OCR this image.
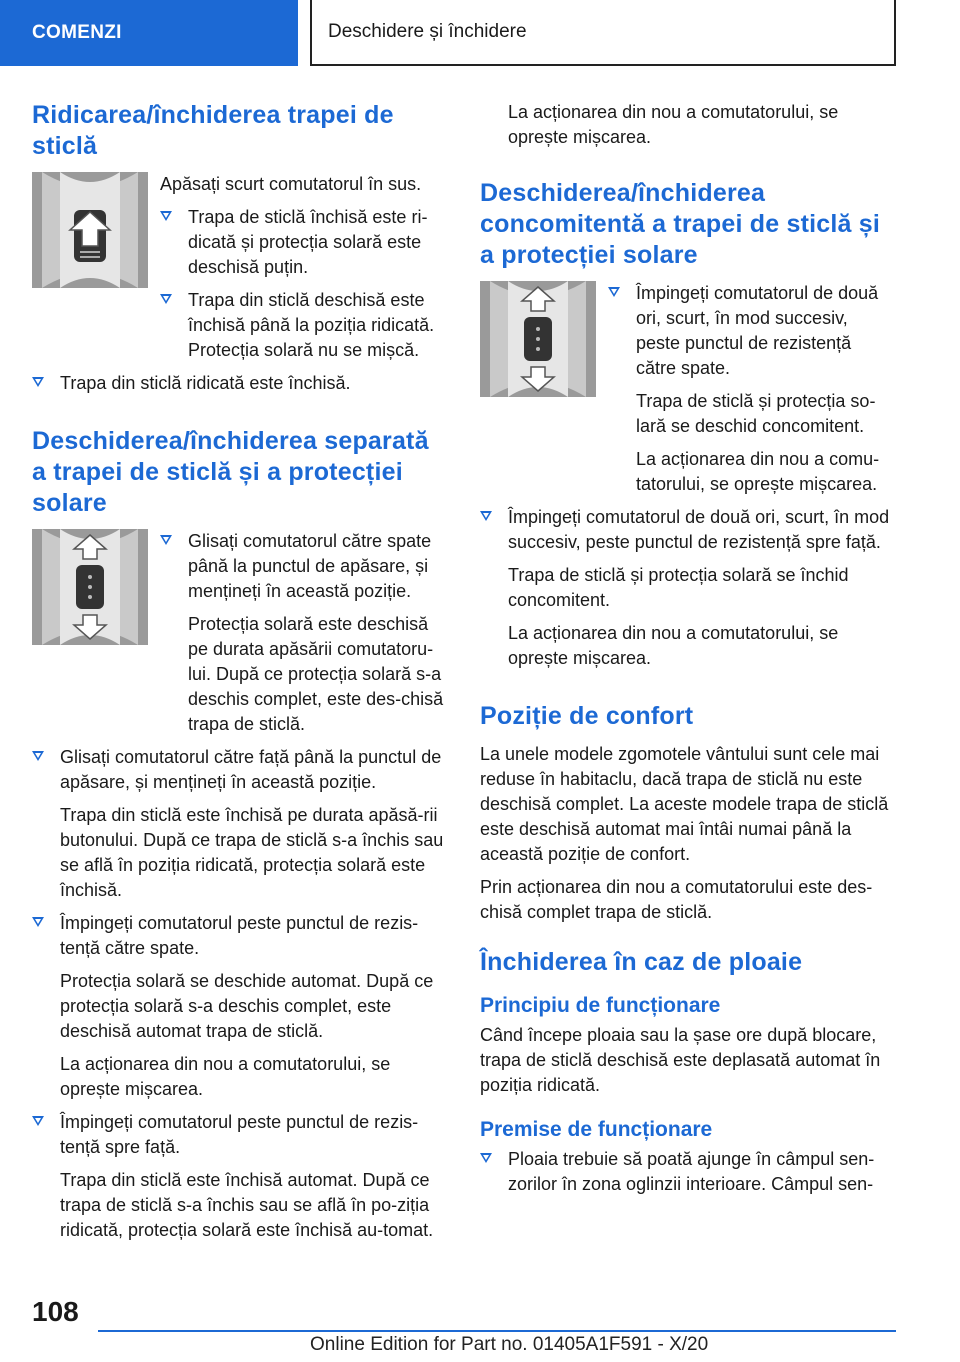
COMENZI	Deschidere și închidere
Ridicarea/închiderea trapei de sticlă

Apăsați scurt comutatorul în sus.

Trapa de sticlă închisă este ri-dicată și protecția solară este deschisă puțin.
Trapa din sticlă deschisă este închisă până la poziția ridicată. Protecția solară nu se mișcă.
Trapa din sticlă ridicată este închisă.
Deschiderea/închiderea separată a trapei de sticlă și a protecției solare
Glisați comutatorul către spate până la punctul de apăsare, și mențineți în această poziție.

Protecția solară este deschisă pe durata apăsării comutatoru-lui. După ce protecția solară s-a deschis complet, este des-chisă trapa de sticlă.

Glisați comutatorul către față până la punctul de apăsare, și mențineți în această poziție.

Trapa din sticlă este închisă pe durata apăsă-rii butonului. După ce trapa de sticlă s-a închis sau se află în poziția ridicată, protecția solară este închisă.

Împingeți comutatorul peste punctul de rezis-tență către spate.

Protecția solară se deschide automat. După ce protecția solară s-a deschis complet, este deschisă automat trapa de sticlă.

La acționarea din nou a comutatorului, se oprește mișcarea.

Împingeți comutatorul peste punctul de rezis-tență spre față.

Trapa din sticlă este închisă automat. După ce trapa de sticlă s-a închis sau se află în po-ziția ridicată, protecția solară este închisă au-tomat.

La acționarea din nou a comutatorului, se oprește mișcarea.

Deschiderea/închiderea concomitentă a trapei de sticlă și a protecției solare
Împingeți comutatorul de două ori, scurt, în mod succesiv, peste punctul de rezistență către spate.

Trapa de sticlă și protecția so-lară se deschid concomitent.

La acționarea din nou a comu-tatorului, se oprește mișcarea.

Împingeți comutatorul de două ori, scurt, în mod succesiv, peste punctul de rezistență spre față.

Trapa de sticlă și protecția solară se închid concomitent.

La acționarea din nou a comutatorului, se oprește mișcarea.

Poziție de confort

La unele modele zgomotele vântului sunt cele mai reduse în habitaclu, dacă trapa de sticlă nu este deschisă complet. La aceste modele trapa de sticlă este deschisă automat mai întâi numai până la această poziție de confort.

Prin acționarea din nou a comutatorului este des-chisă complet trapa de sticlă.

Închiderea în caz de ploaie
Principiu de funcționare

Când începe ploaia sau la șase ore după blocare, trapa de sticlă deschisă este deplasată automat în poziția ridicată.

Premise de funcționare
Ploaia trebuie să poată ajunge în câmpul sen-zorilor în zona oglinzii interioare. Câmpul sen-
108
Online Edition for Part no. 01405A1F591 - X/20
